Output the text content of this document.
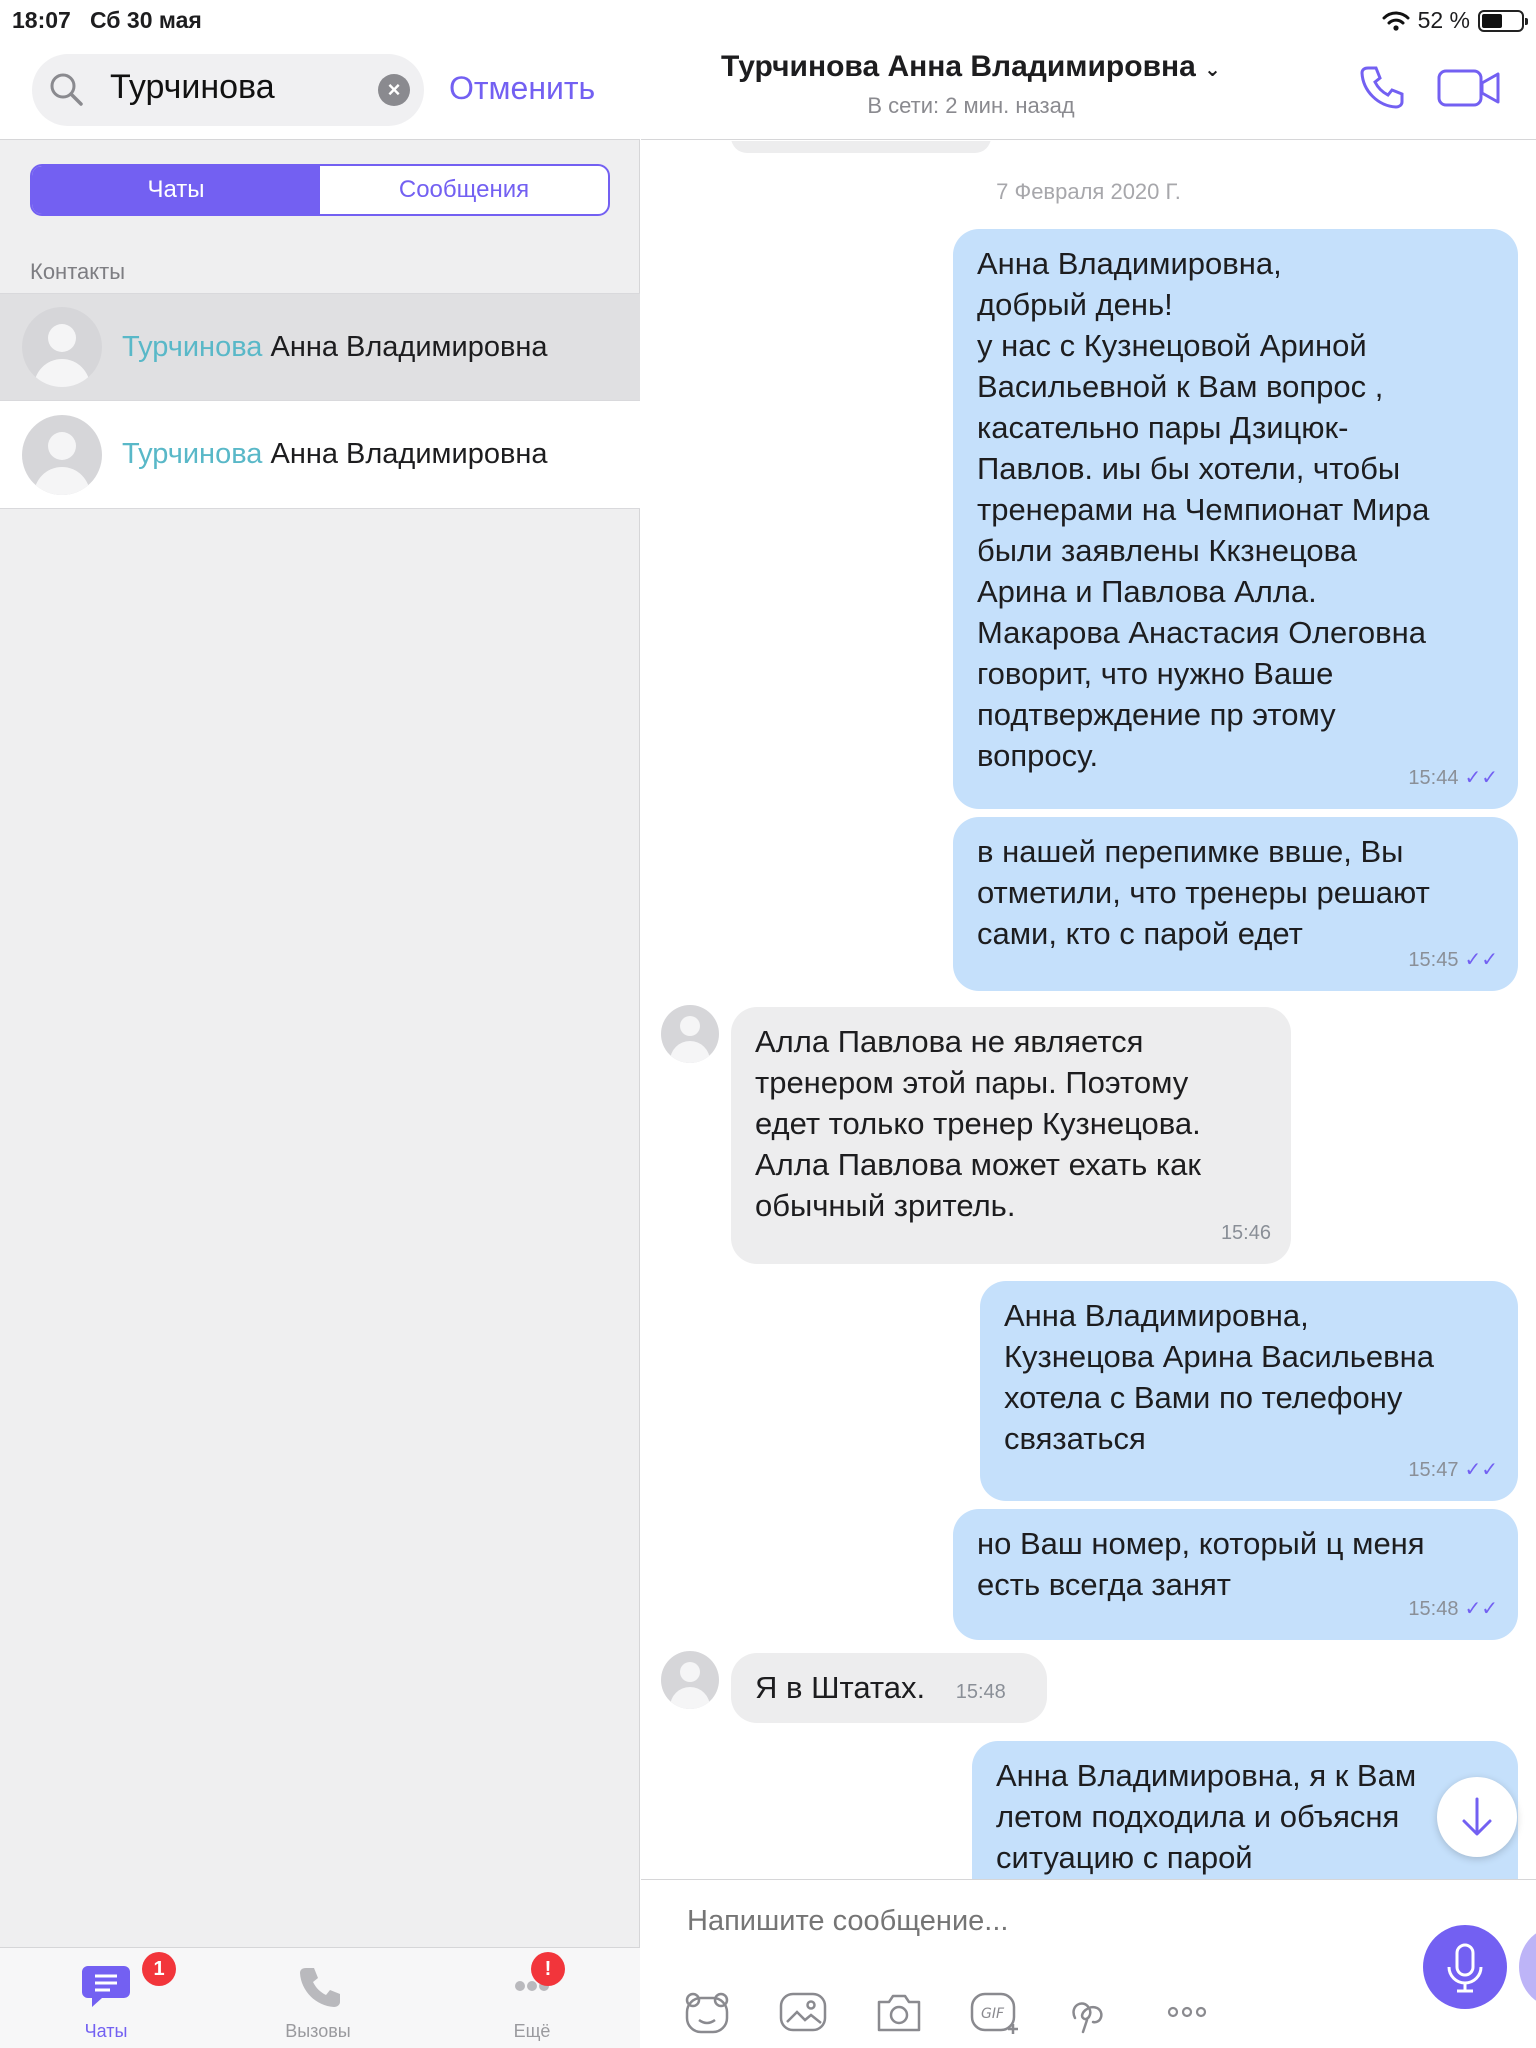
Турчинова
× Отменить
Чаты	Сообщения
Контакты
Турчинова Анна Владимировна
Турчинова Анна Владимировна
Чаты
1
Вызовы	Ещё
!
Турчинова Анна Владимировна ⌄
В сети: 2 мин. назад
7 Февраля 2020 Г.
Анна Владимировна,
добрый день!
у нас с Кузнецовой Ариной
Васильевной к Вам вопрос ,
касательно пары Дзицюк-
Павлов. иы бы хотели, чтобы
тренерами на Чемпионат Мира
были заявлены Ккзнецова
Арина и Павлова Алла.
Макарова Анастасия Олеговна
говорит, что нужно Ваше
подтверждение пр этому
вопросу.
15:44 ✓✓
в нашей перепимке ввше, Вы
отметили, что тренеры решают
сами, кто с парой едет
15:45 ✓✓
Алла Павлова не является
тренером этой пары. Поэтому
едет только тренер Кузнецова.
Алла Павлова может ехать как
обычный зритель.
15:46
Анна Владимировна,
Кузнецова Арина Васильевна
хотела с Вами по телефону
связаться
15:47 ✓✓
но Ваш номер, который ц меня
есть всегда занят
15:48 ✓✓
Я в Штатах. 15:48
Анна Владимировна, я к Вам
летом подходила и объясня
ситуацию с парой
Напишите сообщение...
GIF
18:07 Сб 30 мая	52 %
